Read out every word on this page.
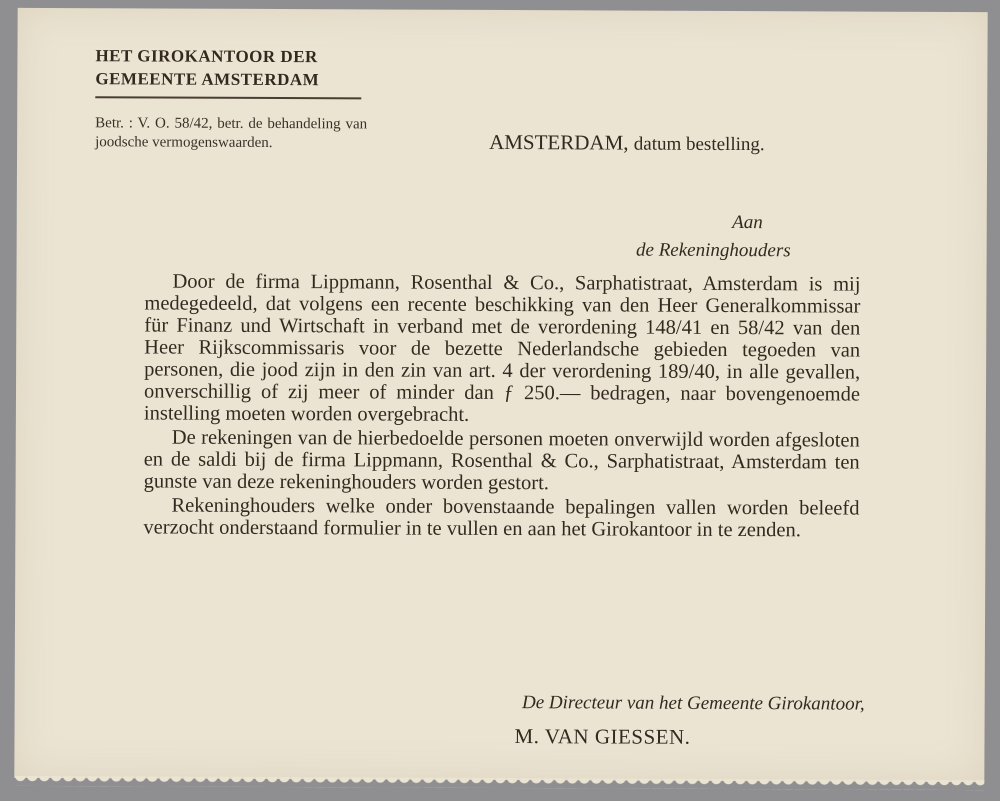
HET GIROKANTOOR DER
GEMEENTE AMSTERDAM
Betr. : V. O. 58/42, betr. de behandeling van joodsche vermogenswaarden.	AMSTERDAM, datum bestelling.
Aan
de Rekeninghouders

Door de firma Lippmann, Rosenthal & Co., Sarphatistraat, Amsterdam is mij medegedeeld, dat volgens een recente beschikking van den Heer Generalkommissar für Finanz und Wirtschaft in verband met de verordening 148/41 en 58/42 van den Heer Rijkscommissaris voor de bezette Nederlandsche gebieden tegoeden van personen, die jood zijn in den zin van art. 4 der verordening 189/40, in alle gevallen, onverschillig of zij meer of minder dan ƒ 250.— bedragen, naar bovengenoemde instelling moeten worden overgebracht.

De rekeningen van de hierbedoelde personen moeten onverwijld worden afgesloten en de saldi bij de firma Lippmann, Rosenthal & Co., Sarphatistraat, Amsterdam ten gunste van deze rekeninghouders worden gestort.

Rekeninghouders welke onder bovenstaande bepalingen vallen worden beleefd verzocht onderstaand formulier in te vullen en aan het Girokantoor in te zenden.

De Directeur van het Gemeente Girokantoor,
M. VAN GIESSEN.
